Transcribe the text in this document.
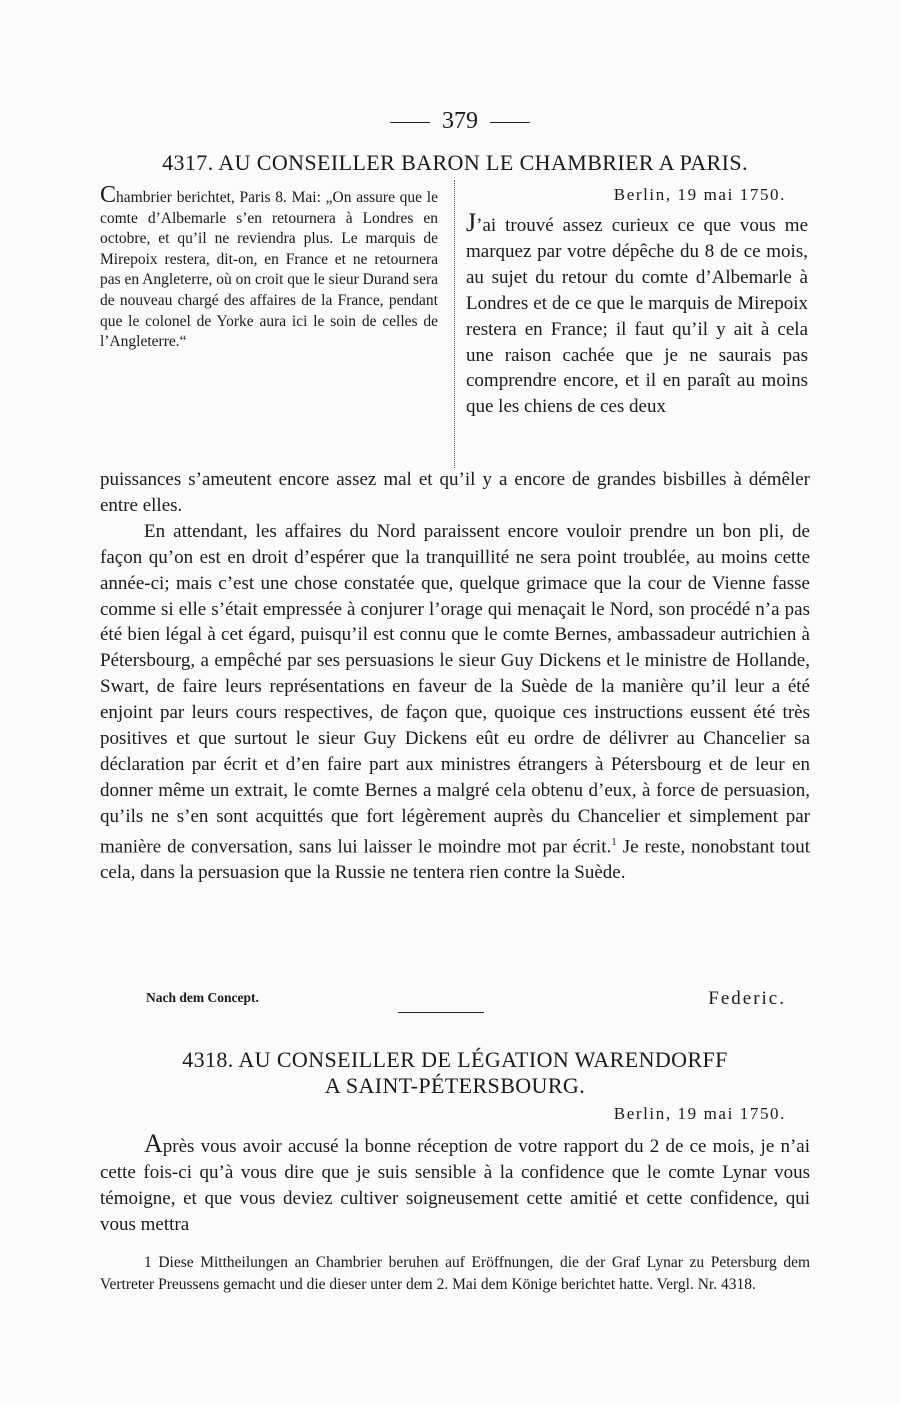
379
4317. AU CONSEILLER BARON LE CHAMBRIER A PARIS.
Chambrier berichtet, Paris 8. Mai: „On assure que le comte d’Albemarle s’en retournera à Londres en octobre, et qu’il ne reviendra plus. Le marquis de Mirepoix restera, dit-on, en France et ne retournera pas en Angleterre, où on croit que le sieur Durand sera de nouveau chargé des affaires de la France, pendant que le colonel de Yorke aura ici le soin de celles de l’Angleterre.“
Berlin, 19 mai 1750.
J’ai trouvé assez curieux ce que vous me marquez par votre dépêche du 8 de ce mois, au sujet du retour du comte d’Albemarle à Londres et de ce que le marquis de Mirepoix restera en France; il faut qu’il y ait à cela une raison cachée que je ne saurais pas comprendre encore, et il en paraît au moins que les chiens de ces deux
puissances s’ameutent encore assez mal et qu’il y a encore de grandes bisbilles à démêler entre elles.
En attendant, les affaires du Nord paraissent encore vouloir prendre un bon pli, de façon qu’on est en droit d’espérer que la tranquillité ne sera point troublée, au moins cette année-ci; mais c’est une chose constatée que, quelque grimace que la cour de Vienne fasse comme si elle s’était empressée à conjurer l’orage qui menaçait le Nord, son procédé n’a pas été bien légal à cet égard, puisqu’il est connu que le comte Bernes, ambassadeur autrichien à Pétersbourg, a empêché par ses persuasions le sieur Guy Dickens et le ministre de Hollande, Swart, de faire leurs représentations en faveur de la Suède de la manière qu’il leur a été enjoint par leurs cours respectives, de façon que, quoique ces instructions eussent été très positives et que surtout le sieur Guy Dickens eût eu ordre de délivrer au Chancelier sa déclaration par écrit et d’en faire part aux ministres étrangers à Pétersbourg et de leur en donner même un extrait, le comte Bernes a malgré cela obtenu d’eux, à force de persuasion, qu’ils ne s’en sont acquittés que fort légèrement auprès du Chancelier et simplement par manière de conversation, sans lui laisser le moindre mot par écrit.$^1$ Je reste, nonobstant tout cela, dans la persuasion que la Russie ne tentera rien contre la Suède.
Nach dem Concept.	Federic.
4318. AU CONSEILLER DE LÉGATION WARENDORFF
A SAINT-PÉTERSBOURG.
Berlin, 19 mai 1750.
Après vous avoir accusé la bonne réception de votre rapport du 2 de ce mois, je n’ai cette fois-ci qu’à vous dire que je suis sensible à la confidence que le comte Lynar vous témoigne, et que vous deviez cultiver soigneusement cette amitié et cette confidence, qui vous mettra
1 Diese Mittheilungen an Chambrier beruhen auf Eröffnungen, die der Graf Lynar zu Petersburg dem Vertreter Preussens gemacht und die dieser unter dem 2. Mai dem Könige berichtet hatte. Vergl. Nr. 4318.
